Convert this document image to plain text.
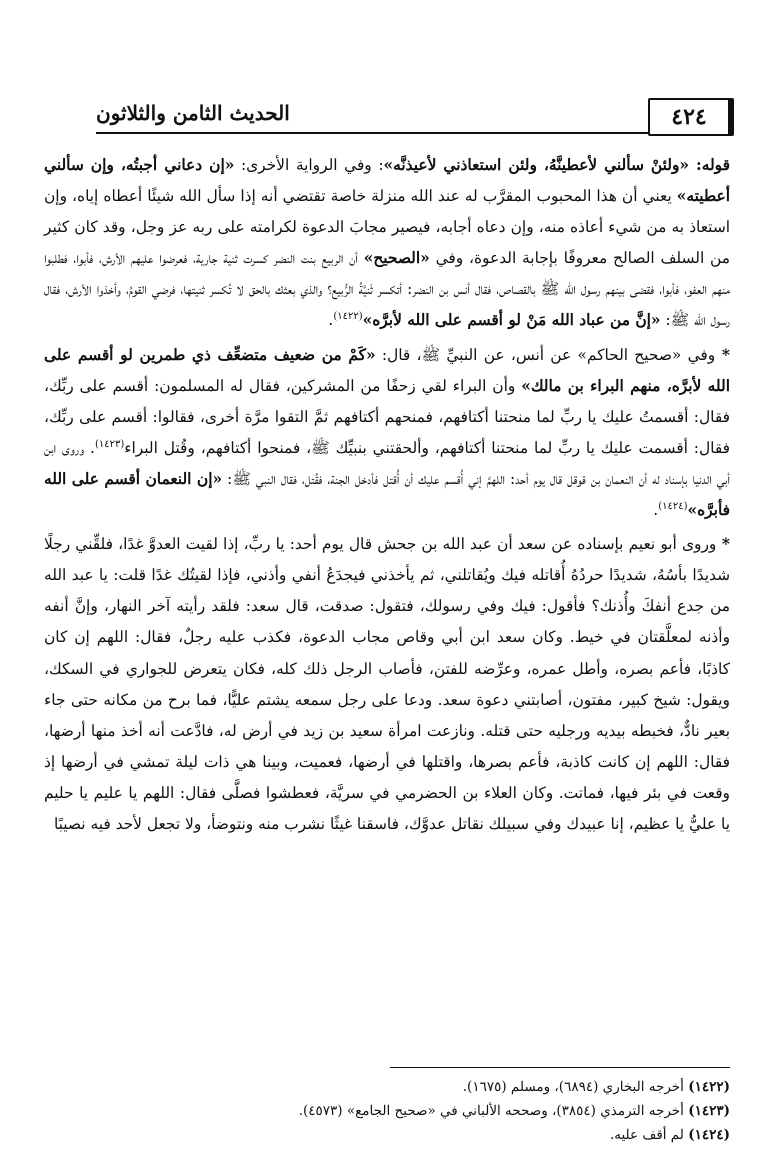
٤٢٤
الحديث الثامن والثلاثون

قوله: «ولئنْ سألني لأعطينَّهُ، ولئن استعاذني لأعيذنَّه»: وفي الرواية الأخرى: «إن دعاني أجبتُه، وإن سألني أعطيته» يعني أن هذا المحبوب المقرَّب له عند الله منزلة خاصة تقتضي أنه إذا سأل الله شيئًا أعطاه إياه، وإن استعاذ به من شيء أعاذه منه، وإن دعاه أجابه، فيصير مجابَ الدعوة لكرامته على ربه عز وجل، وقد كان كثير من السلف الصالح معروفًا بإجابة الدعوة، وفي «الصحيح» أن الربيع بنت النضر كسرت ثنية جارية، فعرضوا عليهم الأرش، فأبوا، فطلبوا منهم العفو، فأبوا، فقضى بينهم رسول الله ﷺ بالقصاص، فقال أنس بن النضر: أتكسر ثَنيَّةُ الرُّبيع؟ والذي بعثك بالحق لا تُكسر ثنيتها، فرضي القومُ، وأخذوا الأرش، فقال رسول الله ﷺ: «إنَّ من عباد الله مَنْ لو أقسم على الله لأبرَّه»$^{(١٤٢٢)}$.

* وفي «صحيح الحاكم» عن أنس، عن النبيِّ ﷺ، قال: «كَمْ من ضعيف متضعِّف ذي طمرين لو أقسم على الله لأبرَّه، منهم البراء بن مالك» وأن البراء لقي زحفًا من المشركين، فقال له المسلمون: أقسم على ربِّك، فقال: أقسمتُ عليك يا ربِّ لما منحتنا أكتافهم، فمنحهم أكتافهم ثمَّ التقوا مرَّة أخرى، فقالوا: أقسم على ربِّك، فقال: أقسمت عليك يا ربِّ لما منحتنا أكتافهم، وألحقتني بنبيِّك ﷺ، فمنحوا أكتافهم، وقُتل البراء$^{(١٤٢٣)}$. وروى ابن أبي الدنيا بإسناد له أن النعمان بن قوقل قال يوم أحد: اللهمَّ إني أُقسم عليك أن أُقتل فأدخل الجنة، فقُتل، فقال النبي ﷺ: «إن النعمان أقسم على الله فأبرَّه»$^{(١٤٢٤)}$.

* وروى أبو نعيم بإسناده عن سعد أن عبد الله بن جحش قال يوم أحد: يا ربِّ، إذا لقيت العدوَّ غدًا، فلقِّني رجلًا شديدًا بأسُهُ، شديدًا حردُهُ أُقاتله فيك ويُقاتلني، ثم يأخذني فيجدَعُ أنفي وأذني، فإذا لقيتُك غدًا قلت: يا عبد الله من جدع أنفكَ وأُذنك؟ فأقول: فيك وفي رسولك، فتقول: صدقت، قال سعد: فلقد رأيته آخر النهار، وإنَّ أنفه وأذنه لمعلَّقتان في خيط. وكان سعد ابن أبي وقاص مجاب الدعوة، فكذب عليه رجلٌ، فقال: اللهم إن كان كاذبًا، فأعم بصره، وأطل عمره، وعرِّضه للفتن، فأصاب الرجل ذلك كله، فكان يتعرض للجواري في السكك، ويقول: شيخ كبير، مفتون، أصابتني دعوة سعد. ودعا على رجل سمعه يشتم عليًّا، فما برح من مكانه حتى جاء بعير نادٌّ، فخبطه بيديه ورجليه حتى قتله. ونازعت امرأة سعيد بن زيد في أرض له، فادَّعت أنه أخذ منها أرضها، فقال: اللهم إن كانت كاذبة، فأعم بصرها، واقتلها في أرضها، فعميت، وبينا هي ذات ليلة تمشي في أرضها إذ وقعت في بئر فيها، فماتت. وكان العلاء بن الحضرمي في سريَّة، فعطشوا فصلَّى فقال: اللهم يا عليم يا حليم يا عليُّ يا عظيم، إنا عبيدك وفي سبيلك نقاتل عدوَّك، فاسقنا غيثًا نشرب منه ونتوضأ، ولا تجعل لأحد فيه نصيبًا

(١٤٢٢) أخرجه البخاري (٦٨٩٤)، ومسلم (١٦٧٥).

(١٤٢٣) أخرجه الترمذي (٣٨٥٤)، وصححه الألباني في «صحيح الجامع» (٤٥٧٣).

(١٤٢٤) لم أقف عليه.
